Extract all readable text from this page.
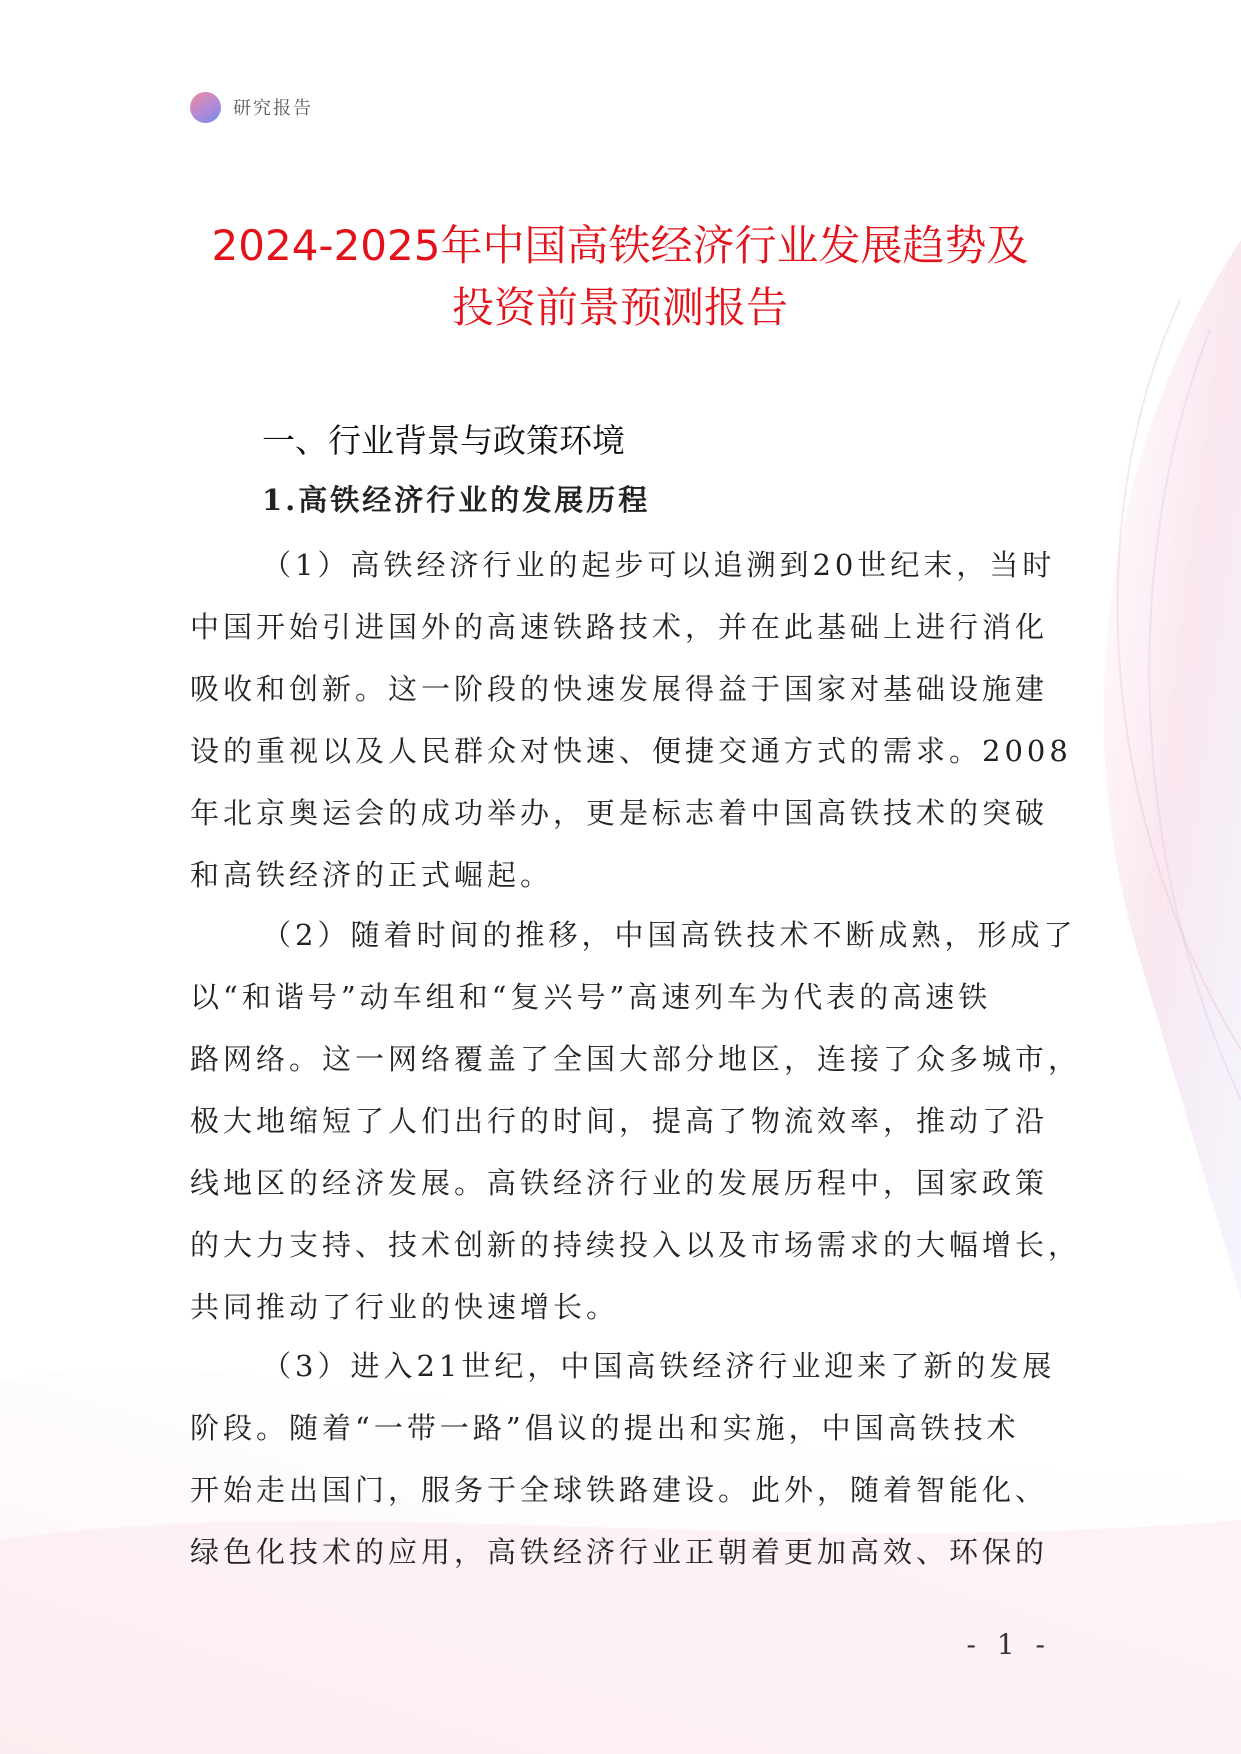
研究报告
2024-2025年中国高铁经济行业发展趋势及
投资前景预测报告
一、行业背景与政策环境
1.高铁经济行业的发展历程

（1）高铁经济行业的起步可以追溯到20世纪末，当时
中国开始引进国外的高速铁路技术，并在此基础上进行消化
吸收和创新。这一阶段的快速发展得益于国家对基础设施建
设的重视以及人民群众对快速、便捷交通方式的需求。2008
年北京奥运会的成功举办，更是标志着中国高铁技术的突破
和高铁经济的正式崛起。

（2）随着时间的推移，中国高铁技术不断成熟，形成了
以“和谐号”动车组和“复兴号”高速列车为代表的高速铁
路网络。这一网络覆盖了全国大部分地区，连接了众多城市，
极大地缩短了人们出行的时间，提高了物流效率，推动了沿
线地区的经济发展。高铁经济行业的发展历程中，国家政策
的大力支持、技术创新的持续投入以及市场需求的大幅增长，
共同推动了行业的快速增长。

（3）进入21世纪，中国高铁经济行业迎来了新的发展
阶段。随着“一带一路”倡议的提出和实施，中国高铁技术
开始走出国门，服务于全球铁路建设。此外，随着智能化、
绿色化技术的应用，高铁经济行业正朝着更加高效、环保的

- 1 -
